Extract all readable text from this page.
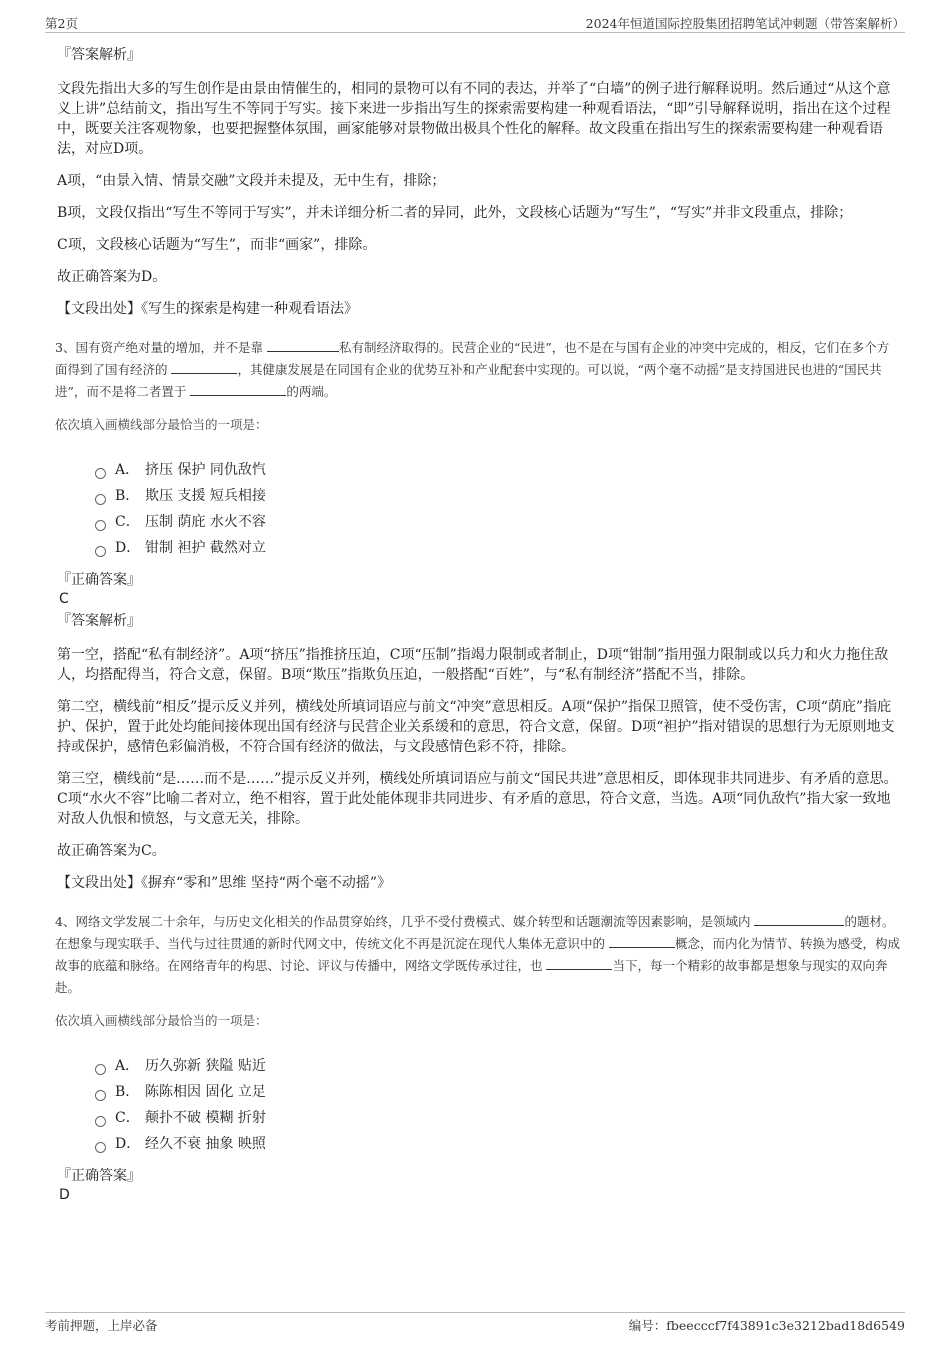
第2页	2024年恒道国际控股集团招聘笔试冲刺题（带答案解析）

『答案解析』

文段先指出大多的写生创作是由景由情催生的，相同的景物可以有不同的表达，并举了“白墙”的例子进行解释说明。然后通过“从这个意义上讲”总结前文，指出写生不等同于写实。接下来进一步指出写生的探索需要构建一种观看语法，“即”引导解释说明，指出在这个过程中，既要关注客观物象，也要把握整体氛围，画家能够对景物做出极具个性化的解释。故文段重在指出写生的探索需要构建一种观看语法，对应D项。

A项，“由景入情、情景交融”文段并未提及，无中生有，排除；

B项，文段仅指出“写生不等同于写实”，并未详细分析二者的异同，此外，文段核心话题为“写生”，“写实”并非文段重点，排除；

C项，文段核心话题为“写生”，而非“画家”，排除。

故正确答案为D。

【文段出处】《写生的探索是构建一种观看语法》

3、国有资产绝对量的增加，并不是靠	私有制经济取得的。民营企业的“民进”，也不是在与国有企业的冲突中完成的，相反，它们在多个方面得到了国有经济的	，其健康发展是在同国有企业的优势互补和产业配套中实现的。可以说，“两个毫不动摇”是支持国进民也进的“国民共进”，而不是将二者置于	的两端。

依次填入画横线部分最恰当的一项是：

A． 挤压 保护 同仇敌忾
B． 欺压 支援 短兵相接
C． 压制 荫庇 水火不容
D． 钳制 袒护 截然对立

『正确答案』

C

『答案解析』

第一空，搭配“私有制经济”。A项“挤压”指推挤压迫，C项“压制”指竭力限制或者制止，D项“钳制”指用强力限制或以兵力和火力拖住敌人，均搭配得当，符合文意，保留。B项“欺压”指欺负压迫，一般搭配“百姓”，与“私有制经济”搭配不当，排除。

第二空，横线前“相反”提示反义并列，横线处所填词语应与前文“冲突”意思相反。A项“保护”指保卫照管，使不受伤害，C项“荫庇”指庇护、保护，置于此处均能间接体现出国有经济与民营企业关系缓和的意思，符合文意，保留。D项“袒护”指对错误的思想行为无原则地支持或保护，感情色彩偏消极，不符合国有经济的做法，与文段感情色彩不符，排除。

第三空，横线前“是……而不是……”提示反义并列，横线处所填词语应与前文“国民共进”意思相反，即体现非共同进步、有矛盾的意思。C项“水火不容”比喻二者对立，绝不相容，置于此处能体现非共同进步、有矛盾的意思，符合文意，当选。A项“同仇敌忾”指大家一致地对敌人仇恨和愤怒，与文意无关，排除。

故正确答案为C。

【文段出处】《摒弃“零和”思维 坚持“两个毫不动摇”》

4、网络文学发展二十余年，与历史文化相关的作品贯穿始终，几乎不受付费模式、媒介转型和话题潮流等因素影响，是领域内	的题材。在想象与现实联手、当代与过往贯通的新时代网文中，传统文化不再是沉淀在现代人集体无意识中的	概念，而内化为情节、转换为感受，构成故事的底蕴和脉络。在网络青年的构思、讨论、评议与传播中，网络文学既传承过往，也	当下，每一个精彩的故事都是想象与现实的双向奔赴。

依次填入画横线部分最恰当的一项是：

A． 历久弥新 狭隘 贴近
B． 陈陈相因 固化 立足
C． 颠扑不破 模糊 折射
D． 经久不衰 抽象 映照

『正确答案』

D

考前押题，上岸必备	编号：fbeecccf7f43891c3e3212bad18d6549
